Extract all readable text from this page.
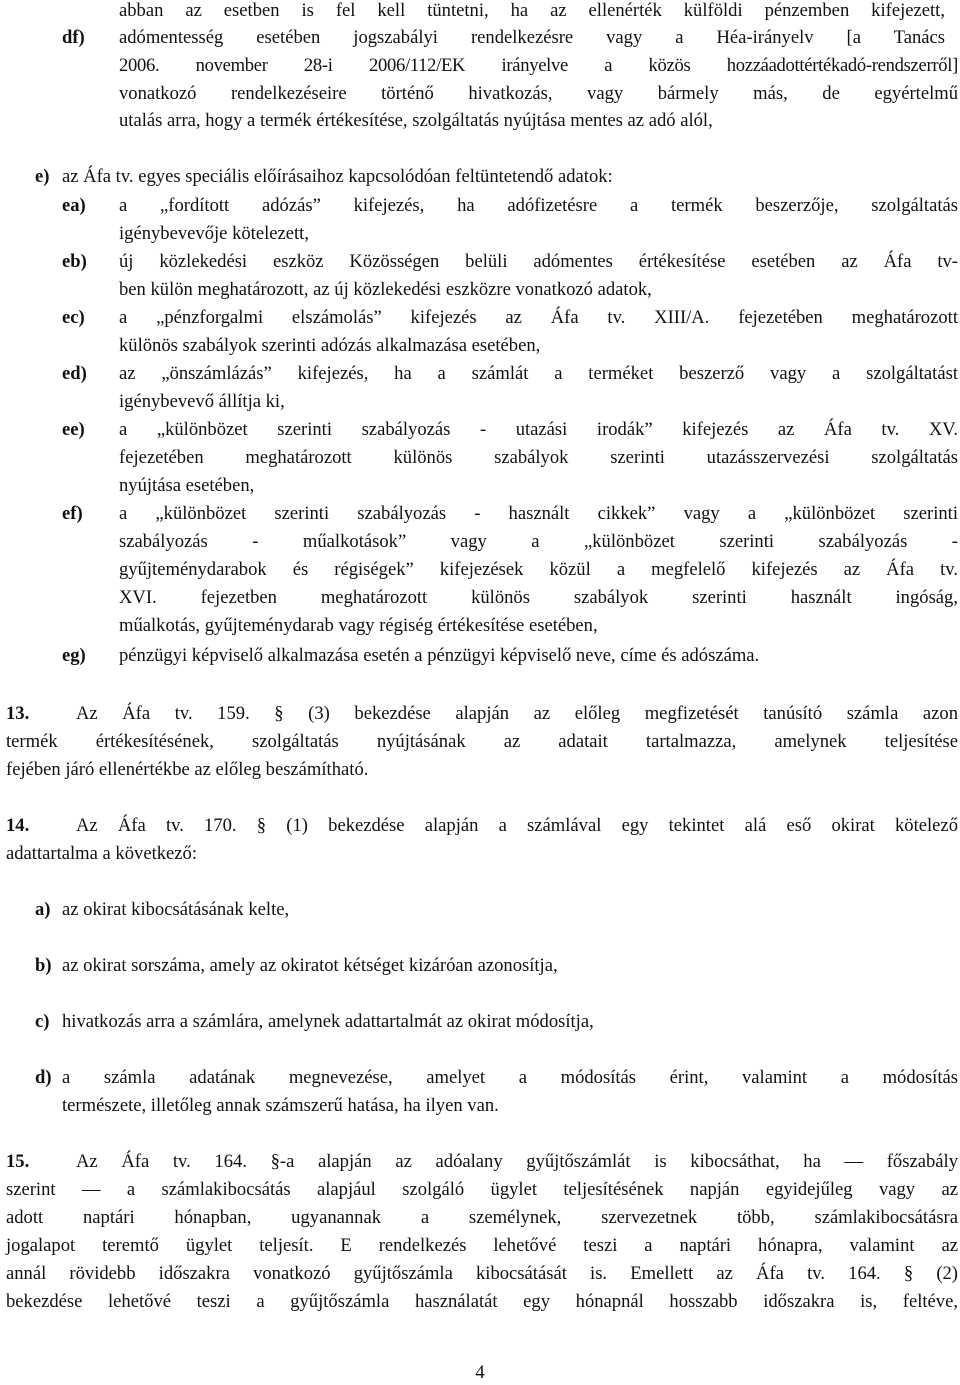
df)
abban az esetben is fel kell tüntetni, ha az ellenérték külföldi pénzemben kifejezett,
adómentesség esetében jogszabályi rendelkezésre vagy a Héa-irányelv [a Tanács
2006. november 28-i 2006/112/EK irányelve a közös hozzáadottértékadó-rendszerről]
vonatkozó rendelkezéseire történő hivatkozás, vagy bármely más, de egyértelmű
utalás arra, hogy a termék értékesítése, szolgáltatás nyújtása mentes az adó alól,
e) az Áfa tv. egyes speciális előírásaihoz kapcsolódóan feltüntetendő adatok:
ea) a „fordított adózás” kifejezés, ha adófizetésre a termék beszerzője, szolgáltatás
igénybevevője kötelezett,
eb) új közlekedési eszköz Közösségen belüli adómentes értékesítése esetében az Áfa tv-
ben külön meghatározott, az új közlekedési eszközre vonatkozó adatok,
ec) a „pénzforgalmi elszámolás” kifejezés az Áfa tv. XIII/A. fejezetében meghatározott
különös szabályok szerinti adózás alkalmazása esetében,
ed) az „önszámlázás” kifejezés, ha a számlát a terméket beszerző vagy a szolgáltatást
igénybevevő állítja ki,
ee) a „különbözet szerinti szabályozás - utazási irodák” kifejezés az Áfa tv. XV.
fejezetében meghatározott különös szabályok szerinti utazásszervezési szolgáltatás
nyújtása esetében,
ef) a „különbözet szerinti szabályozás - használt cikkek” vagy a „különbözet szerinti
szabályozás - műalkotások” vagy a „különbözet szerinti szabályozás -
gyűjteménydarabok és régiségek” kifejezések közül a megfelelő kifejezés az Áfa tv.
XVI. fejezetben meghatározott különös szabályok szerinti használt ingóság,
műalkotás, gyűjteménydarab vagy régiség értékesítése esetében,
eg) pénzügyi képviselő alkalmazása esetén a pénzügyi képviselő neve, címe és adószáma.
13.	Az Áfa tv. 159. § (3) bekezdése alapján az előleg megfizetését tanúsító számla azon
termék értékesítésének, szolgáltatás nyújtásának az adatait tartalmazza, amelynek teljesítése
fejében járó ellenértékbe az előleg beszámítható.
14.	Az Áfa tv. 170. § (1) bekezdése alapján a számlával egy tekintet alá eső okirat kötelező
adattartalma a következő:
a) az okirat kibocsátásának kelte,
b) az okirat sorszáma, amely az okiratot kétséget kizáróan azonosítja,
c) hivatkozás arra a számlára, amelynek adattartalmát az okirat módosítja,
d) a számla adatának megnevezése, amelyet a módosítás érint, valamint a módosítás
természete, illetőleg annak számszerű hatása, ha ilyen van.
15.	Az Áfa tv. 164. §-a alapján az adóalany gyűjtőszámlát is kibocsáthat, ha — főszabály
szerint — a számlakibocsátás alapjául szolgáló ügylet teljesítésének napján egyidejűleg vagy az
adott naptári hónapban, ugyanannak a személynek, szervezetnek több, számlakibocsátásra
jogalapot teremtő ügylet teljesít. E rendelkezés lehetővé teszi a naptári hónapra, valamint az
annál rövidebb időszakra vonatkozó gyűjtőszámla kibocsátását is. Emellett az Áfa tv. 164. § (2)
bekezdése lehetővé teszi a gyűjtőszámla használatát egy hónapnál hosszabb időszakra is, feltéve,
4
